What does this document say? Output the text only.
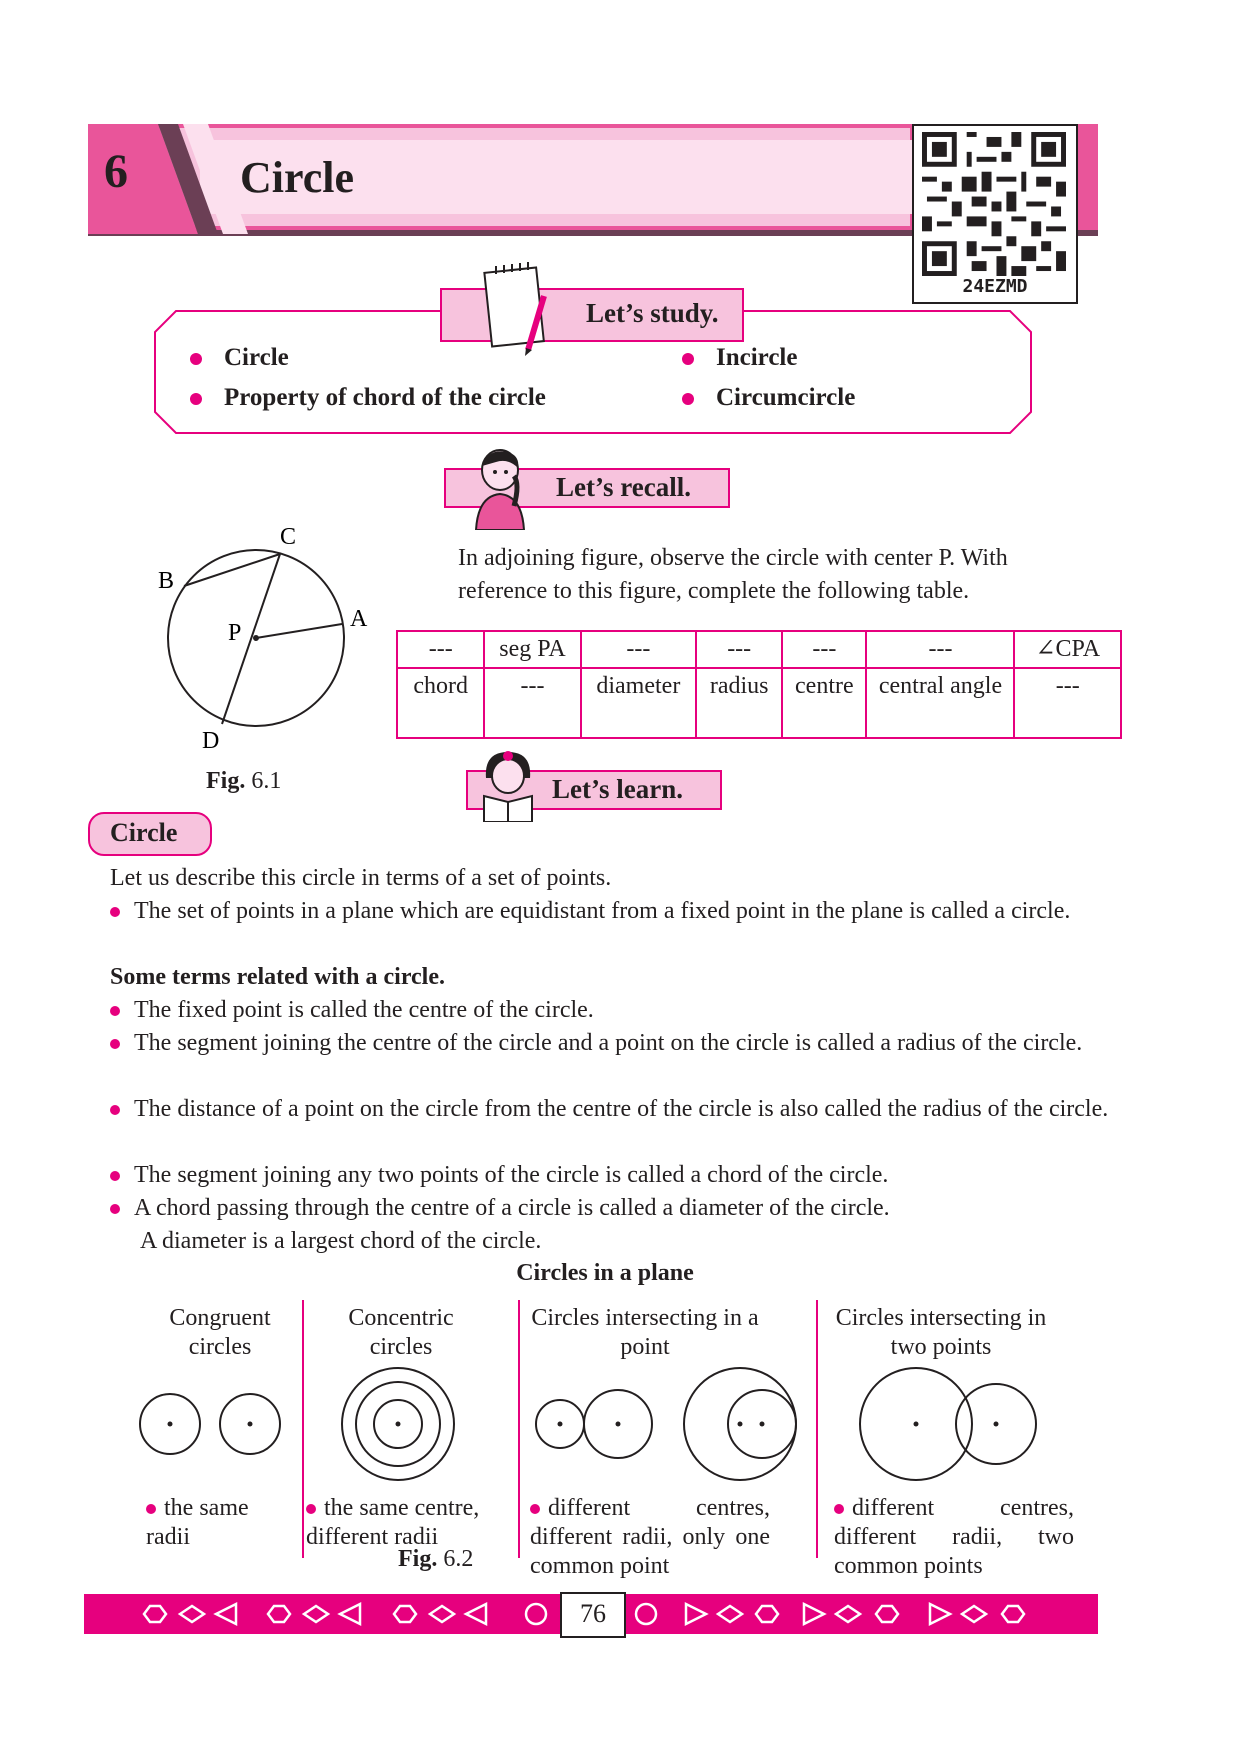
6	Circle
24EZMD
Let’s study.
Circle
Property of chord of the circle
Incircle
Circumcircle
Let’s recall.
C
B
P
A
D
Fig. 6.1
In adjoining figure, observe the circle with center P. With reference to this figure, complete the following table.
---	seg PA	---	---	---	---	∠CPA
chord	---	diameter	radius	centre	central angle	---
Let’s learn.
Circle
Let us describe this circle in terms of a set of points.
The set of points in a plane which are equidistant from a fixed point in the plane is called a circle.
Some terms related with a circle.
The fixed point is called the centre of the circle.
The segment joining the centre of the circle and a point on the circle is called a radius of the circle.
The distance of a point on the circle from the centre of the circle is also called the radius of the circle.
The segment joining any two points of the circle is called a chord of the circle.
A chord passing through the centre of a circle is called a diameter of the circle.
A diameter is a largest chord of the circle.
Circles in a plane
Congruent circles
Concentric circles
Circles intersecting in a point
Circles intersecting in two points
the same radii
the same centre, different radii
different centres, different radii, only one common point
different centres, different radii, two common points
Fig. 6.2
76
